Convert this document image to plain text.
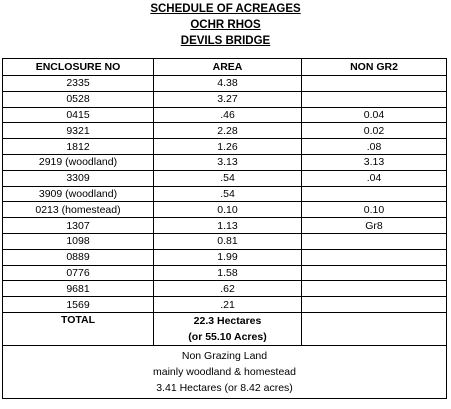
SCHEDULE OF ACREAGES
OCHR RHOS
DEVILS BRIDGE
ENCLOSURE NO	AREA	NON GR2
2335	4.38	
0528	3.27	
0415	.46	0.04
9321	2.28	0.02
1812	1.26	.08
2919 (woodland)	3.13	3.13
3309	.54	.04
3909 (woodland)	.54	
0213 (homestead)	0.10	0.10
1307	1.13	Gr8
1098	0.81	
0889	1.99	
0776	1.58	
9681	.62	
1569	.21	
TOTAL	22.3 Hectares
(or 55.10 Acres)	

Non Grazing Land
mainly woodland & homestead
3.41 Hectares (or 8.42 acres)		
